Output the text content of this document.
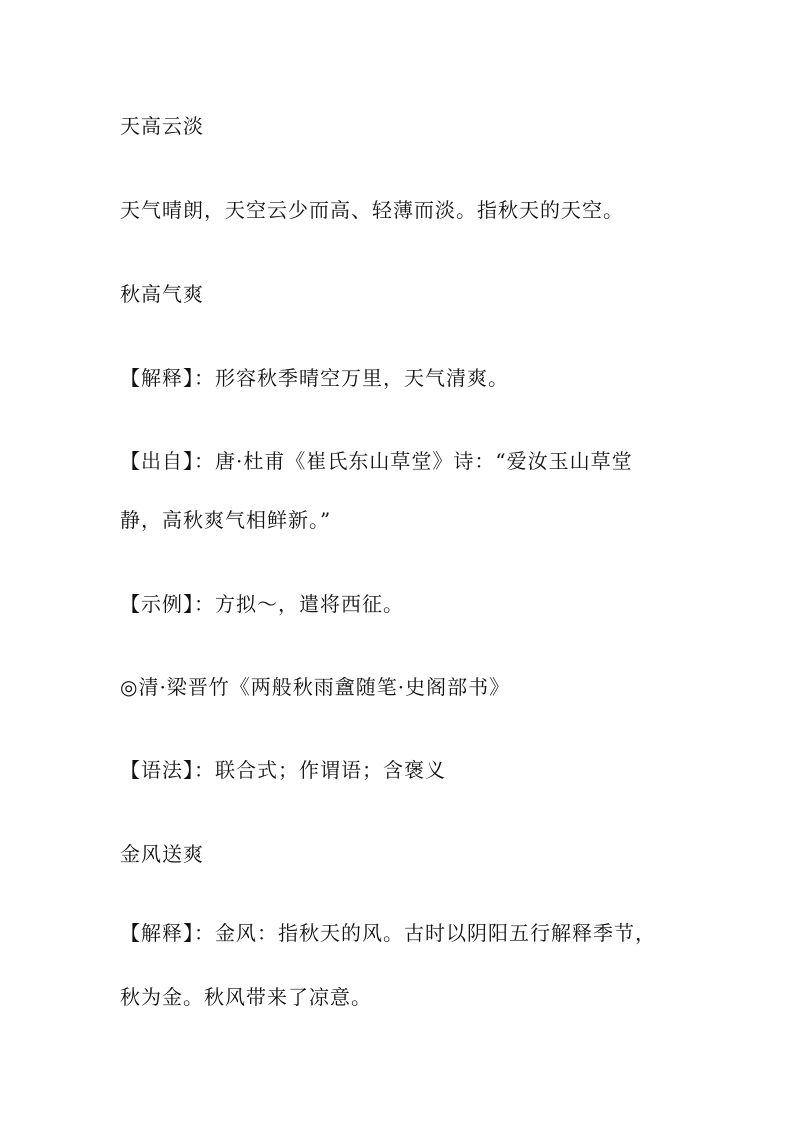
天高云淡
天气晴朗，天空云少而高、轻薄而淡。指秋天的天空。
秋高气爽
【解释】：形容秋季晴空万里，天气清爽。
【出自】：唐·杜甫《崔氏东山草堂》诗：“爱汝玉山草堂
静，高秋爽气相鲜新。”
【示例】：方拟～，遣将西征。
◎清·梁晋竹《两般秋雨盦随笔·史阁部书》
【语法】：联合式；作谓语；含褒义
金风送爽
【解释】：金风：指秋天的风。古时以阴阳五行解释季节，
秋为金。秋风带来了凉意。
